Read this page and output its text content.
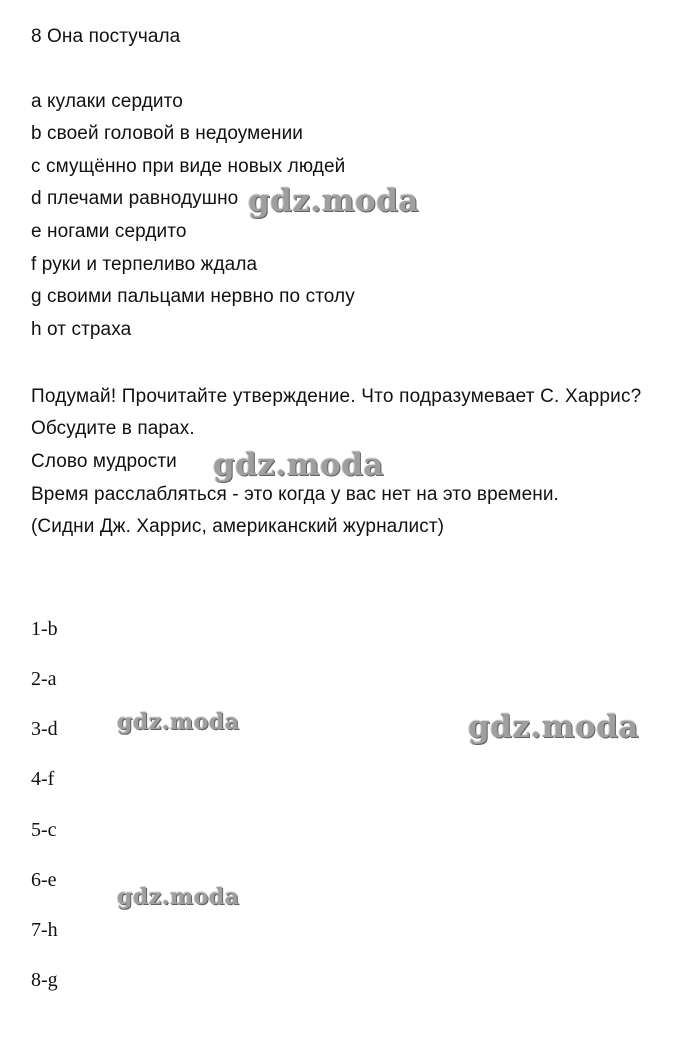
8 Она постучала
a кулаки сердито
b своей головой в недоумении
c смущённо при виде новых людей
d плечами равнодушно
e ногами сердито
f руки и терпеливо ждала
g своими пальцами нервно по столу
h от страха
Подумай! Прочитайте утверждение. Что подразумевает С. Харрис?
Обсудите в парах.
Слово мудрости
Время расслабляться - это когда у вас нет на это времени.
(Сидни Дж. Харрис, американский журналист)
1-b
2-a
3-d
4-f
5-c
6-e
7-h
8-g
gdz.moda
gdz.moda
gdz.moda	gdz.moda
gdz.moda
